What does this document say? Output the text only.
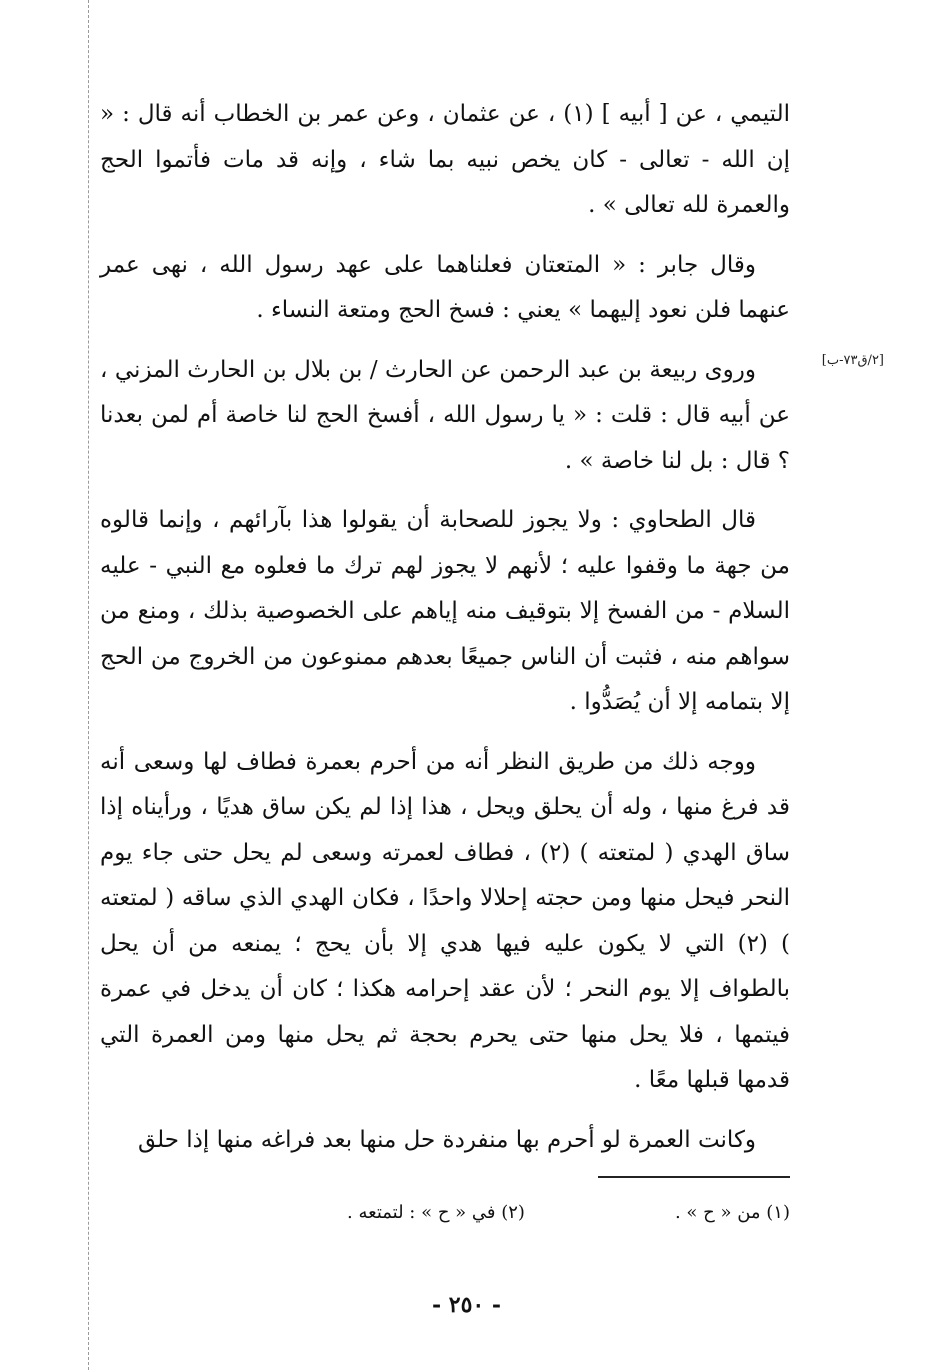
[٢/ق٧٣-ب]

التيمي ، عن [ أبيه ] (١) ، عن عثمان ، وعن عمر بن الخطاب أنه قال : « إن الله - تعالى - كان يخص نبيه بما شاء ، وإنه قد مات فأتموا الحج والعمرة لله تعالى » .

وقال جابر : « المتعتان فعلناهما على عهد رسول الله ، نهى عمر عنهما فلن نعود إليهما » يعني : فسخ الحج ومتعة النساء .

وروى ربيعة بن عبد الرحمن عن الحارث / بن بلال بن الحارث المزني ، عن أبيه قال : قلت : « يا رسول الله ، أفسخ الحج لنا خاصة أم لمن بعدنا ؟ قال : بل لنا خاصة » .

قال الطحاوي : ولا يجوز للصحابة أن يقولوا هذا بآرائهم ، وإنما قالوه من جهة ما وقفوا عليه ؛ لأنهم لا يجوز لهم ترك ما فعلوه مع النبي - عليه السلام - من الفسخ إلا بتوقيف منه إياهم على الخصوصية بذلك ، ومنع من سواهم منه ، فثبت أن الناس جميعًا بعدهم ممنوعون من الخروج من الحج إلا بتمامه إلا أن يُصَدُّوا .

ووجه ذلك من طريق النظر أنه من أحرم بعمرة فطاف لها وسعى أنه قد فرغ منها ، وله أن يحلق ويحل ، هذا إذا لم يكن ساق هديًا ، ورأيناه إذا ساق الهدي ( لمتعته ) (٢) ، فطاف لعمرته وسعى لم يحل حتى جاء يوم النحر فيحل منها ومن حجته إحلالا واحدًا ، فكان الهدي الذي ساقه ( لمتعته ) (٢) التي لا يكون عليه فيها هدي إلا بأن يحج ؛ يمنعه من أن يحل بالطواف إلا يوم النحر ؛ لأن عقد إحرامه هكذا ؛ كان أن يدخل في عمرة فيتمها ، فلا يحل منها حتى يحرم بحجة ثم يحل منها ومن العمرة التي قدمها قبلها معًا .

وكانت العمرة لو أحرم بها منفردة حل منها بعد فراغه منها إذا حلق

(١) من « ح » .
(٢) في « ح » : لتمتعه .
- ٢٥٠ -
